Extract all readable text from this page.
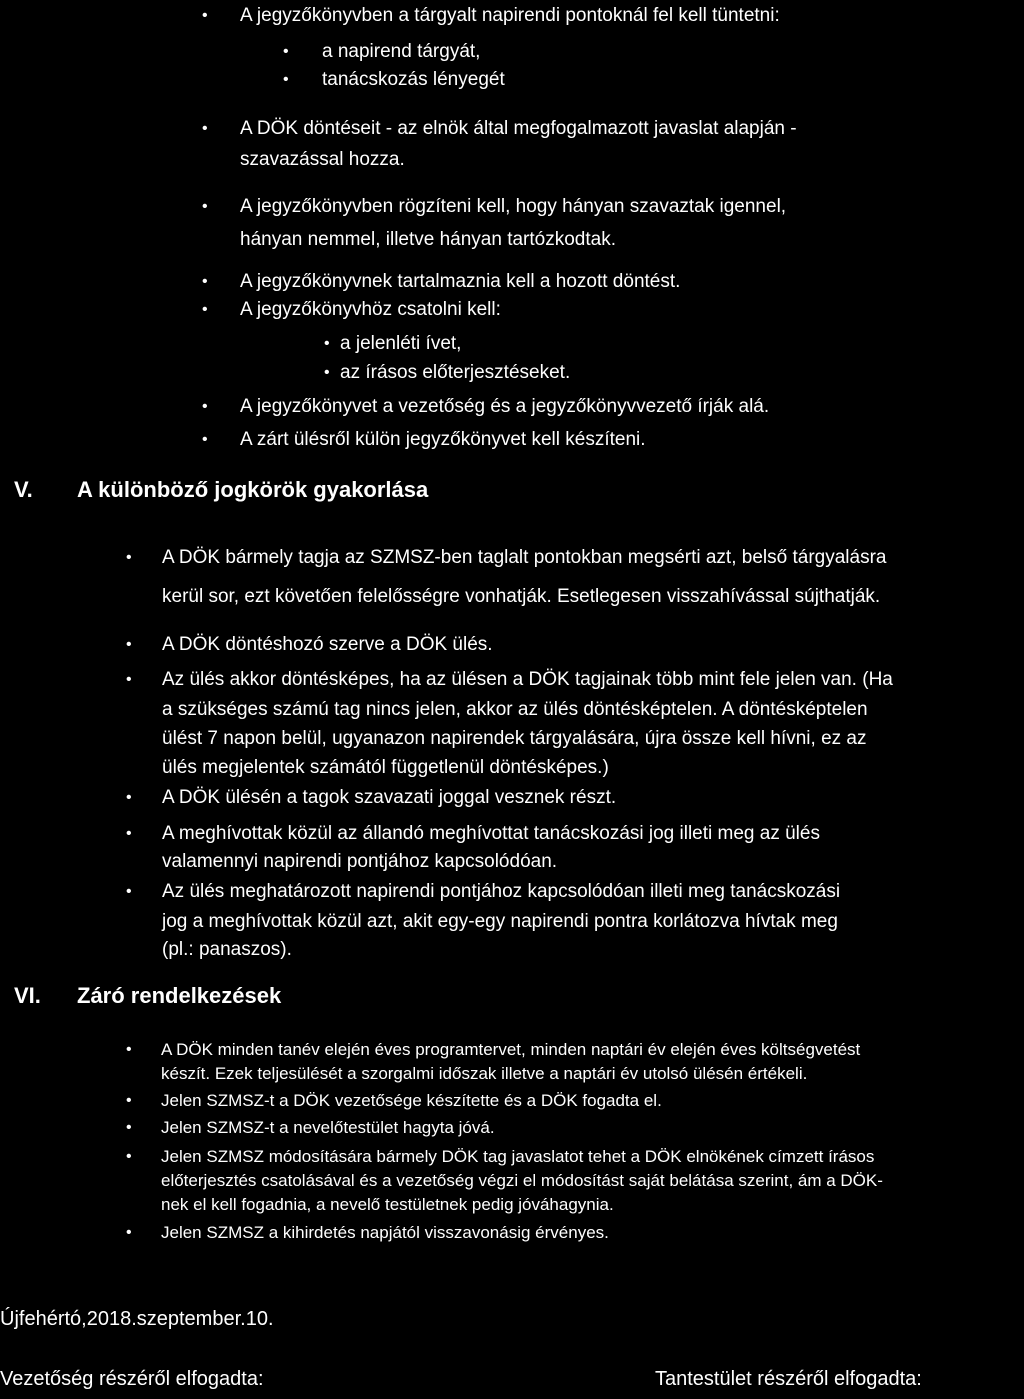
• A jegyzőkönyvben a tárgyalt napirendi pontoknál fel kell tüntetni:
• a napirend tárgyát,
• tanácskozás lényegét
• A DÖK döntéseit - az elnök által megfogalmazott javaslat alapján -
szavazással hozza.
• A jegyzőkönyvben rögzíteni kell, hogy hányan szavaztak igennel,
hányan nemmel, illetve hányan tartózkodtak.
• A jegyzőkönyvnek tartalmaznia kell a hozott döntést.
• A jegyzőkönyvhöz csatolni kell:
• a jelenléti ívet,
• az írásos előterjesztéseket.
• A jegyzőkönyvet a vezetőség és a jegyzőkönyvvezető írják alá.
• A zárt ülésről külön jegyzőkönyvet kell készíteni.
V. A különböző jogkörök gyakorlása
• A DÖK bármely tagja az SZMSZ-ben taglalt pontokban megsérti azt, belső tárgyalásra
kerül sor, ezt követően felelősségre vonhatják. Esetlegesen visszahívással sújthatják.
• A DÖK döntéshozó szerve a DÖK ülés.
• Az ülés akkor döntésképes, ha az ülésen a DÖK tagjainak több mint fele jelen van. (Ha
a szükséges számú tag nincs jelen, akkor az ülés döntésképtelen. A döntésképtelen
ülést 7 napon belül, ugyanazon napirendek tárgyalására, újra össze kell hívni, ez az
ülés megjelentek számától függetlenül döntésképes.)
• A DÖK ülésén a tagok szavazati joggal vesznek részt.
• A meghívottak közül az állandó meghívottat tanácskozási jog illeti meg az ülés
valamennyi napirendi pontjához kapcsolódóan.
• Az ülés meghatározott napirendi pontjához kapcsolódóan illeti meg tanácskozási
jog a meghívottak közül azt, akit egy-egy napirendi pontra korlátozva hívtak meg
(pl.: panaszos).
VI. Záró rendelkezések
• A DÖK minden tanév elején éves programtervet, minden naptári év elején éves költségvetést
készít. Ezek teljesülését a szorgalmi időszak illetve a naptári év utolsó ülésén értékeli.
• Jelen SZMSZ-t a DÖK vezetősége készítette és a DÖK fogadta el.
• Jelen SZMSZ-t a nevelőtestület hagyta jóvá.
• Jelen SZMSZ módosítására bármely DÖK tag javaslatot tehet a DÖK elnökének címzett írásos
előterjesztés csatolásával és a vezetőség végzi el módosítást saját belátása szerint, ám a DÖK-
nek el kell fogadnia, a nevelő testületnek pedig jóváhagynia.
• Jelen SZMSZ a kihirdetés napjától visszavonásig érvényes.
Újfehértó,2018.szeptember.10.
Vezetőség részéről elfogadta:	Tantestület részéről elfogadta:
